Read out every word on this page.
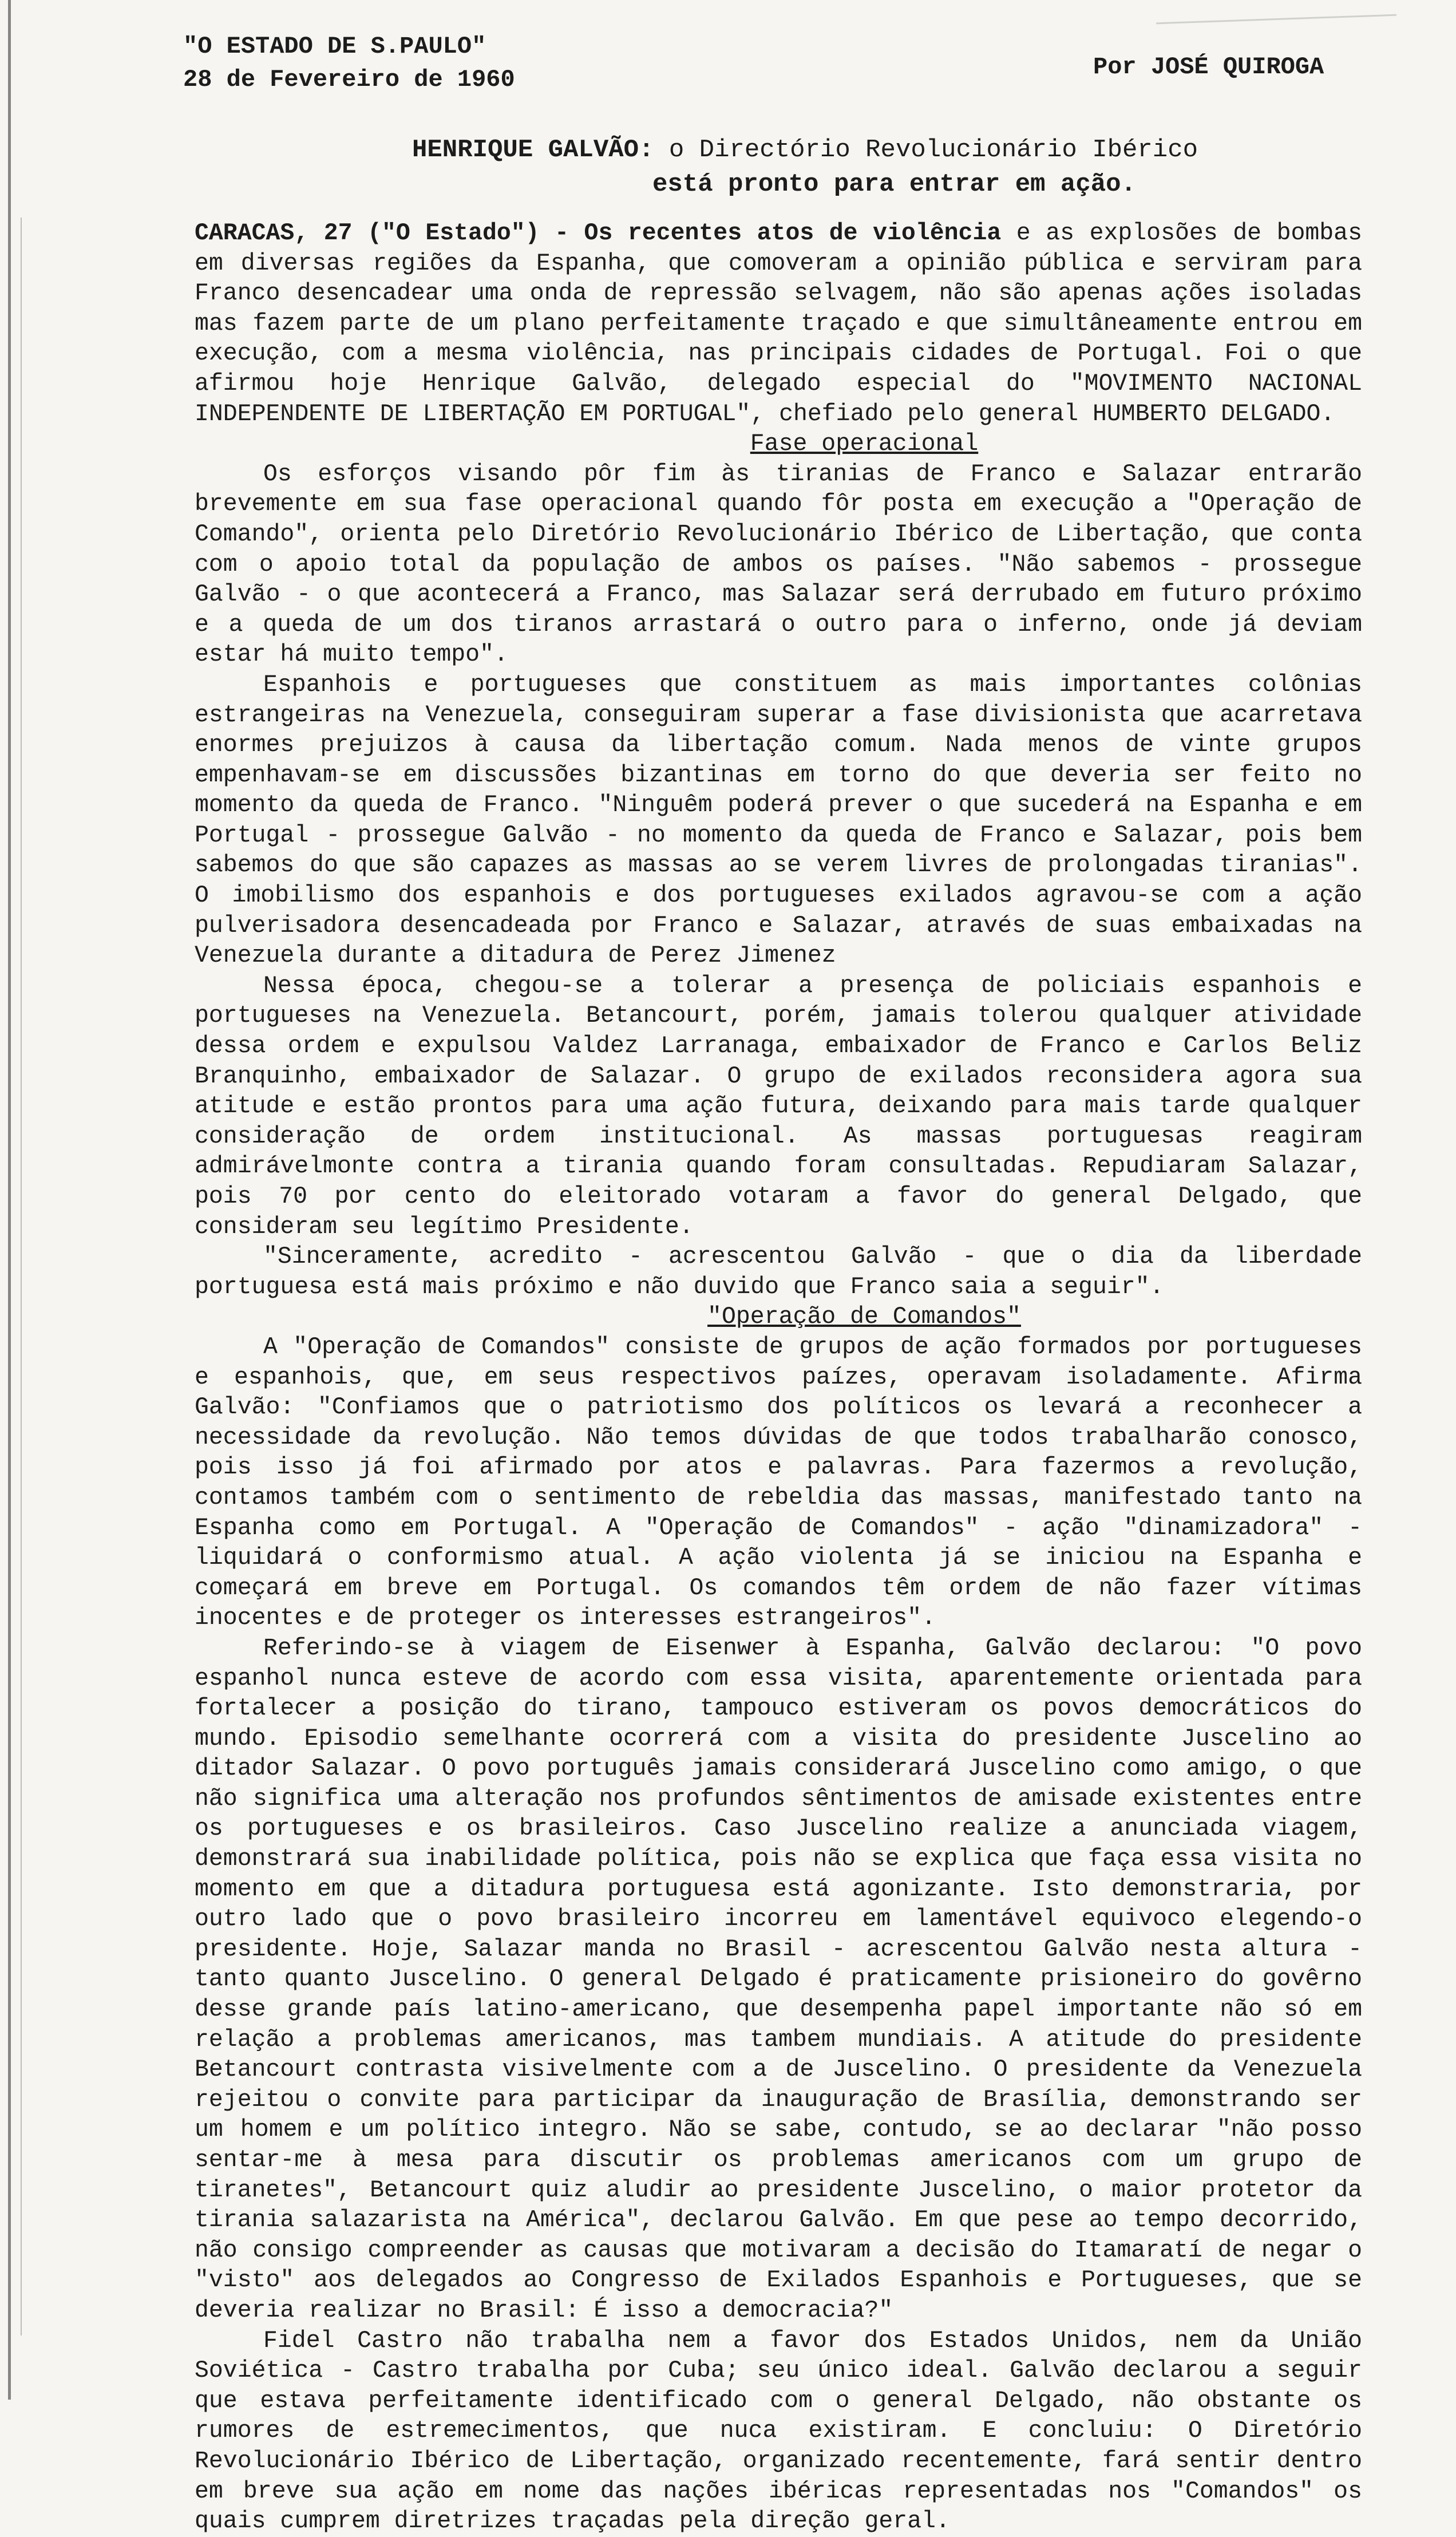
"O ESTADO DE S.PAULO"
28 de Fevereiro de 1960	Por JOSÉ QUIROGA
HENRIQUE GALVÃO: o Directório Revolucionário Ibérico
está pronto para entrar em ação.

CARACAS, 27 ("O Estado") - Os recentes atos de violência e as explosões de bombas em diversas regiões da Espanha, que comoveram a opinião pública e serviram para Franco desencadear uma onda de repressão selvagem, não são apenas ações isoladas mas fazem parte de um plano perfeitamente traçado e que simultâneamente entrou em execução, com a mesma violência, nas principais cidades de Portugal. Foi o que afirmou hoje Henrique Galvão, delegado especial do "MOVIMENTO NACIONAL INDEPENDENTE DE LIBERTAÇÃO EM PORTUGAL", chefiado pelo general HUMBERTO DELGADO.

Fase operacional

Os esforços visando pôr fim às tiranias de Franco e Salazar entrarão brevemente em sua fase operacional quando fôr posta em execução a "Operação de Comando", orienta pelo Diretório Revolucionário Ibérico de Libertação, que conta com o apoio total da população de ambos os países. "Não sabemos - prossegue Galvão - o que acontecerá a Franco, mas Salazar será derrubado em futuro próximo e a queda de um dos tiranos arrastará o outro para o inferno, onde já deviam estar há muito tempo".

Espanhois e portugueses que constituem as mais importantes colônias estrangeiras na Venezuela, conseguiram superar a fase divisionista que acarretava enormes prejuizos à causa da libertação comum. Nada menos de vinte grupos empenhavam-se em discussões bizantinas em torno do que deveria ser feito no momento da queda de Franco. "Ninguêm poderá prever o que sucederá na Espanha e em Portugal - prossegue Galvão - no momento da queda de Franco e Salazar, pois bem sabemos do que são capazes as massas ao se verem livres de prolongadas tiranias". O imobilismo dos espanhois e dos portugueses exilados agravou-se com a ação pulverisadora desencadeada por Franco e Salazar, através de suas embaixadas na Venezuela durante a ditadura de Perez Jimenez

Nessa época, chegou-se a tolerar a presença de policiais espanhois e portugueses na Venezuela. Betancourt, porém, jamais tolerou qualquer atividade dessa ordem e expulsou Valdez Larranaga, embaixador de Franco e Carlos Beliz Branquinho, embaixador de Salazar. O grupo de exilados reconsidera agora sua atitude e estão prontos para uma ação futura, deixando para mais tarde qualquer consideração de ordem institucional. As massas portuguesas reagiram admirávelmonte contra a tirania quando foram consultadas. Repudiaram Salazar, pois 70 por cento do eleitorado votaram a favor do general Delgado, que consideram seu legítimo Presidente.

"Sinceramente, acredito - acrescentou Galvão - que o dia da liberdade portuguesa está mais próximo e não duvido que Franco saia a seguir".

"Operação de Comandos"

A "Operação de Comandos" consiste de grupos de ação formados por portugueses e espanhois, que, em seus respectivos paízes, operavam isoladamente. Afirma Galvão: "Confiamos que o patriotismo dos políticos os levará a reconhecer a necessidade da revolução. Não temos dúvidas de que todos trabalharão conosco, pois isso já foi afirmado por atos e palavras. Para fazermos a revolução, contamos também com o sentimento de rebeldia das massas, manifestado tanto na Espanha como em Portugal. A "Operação de Comandos" - ação "dinamizadora" - liquidará o conformismo atual. A ação violenta já se iniciou na Espanha e começará em breve em Portugal. Os comandos têm ordem de não fazer vítimas inocentes e de proteger os interesses estrangeiros".

Referindo-se à viagem de Eisenwer à Espanha, Galvão declarou: "O povo espanhol nunca esteve de acordo com essa visita, aparentemente orientada para fortalecer a posição do tirano, tampouco estiveram os povos democráticos do mundo. Episodio semelhante ocorrerá com a visita do presidente Juscelino ao ditador Salazar. O povo português jamais considerará Juscelino como amigo, o que não significa uma alteração nos profundos sêntimentos de amisade existentes entre os portugueses e os brasileiros. Caso Juscelino realize a anunciada viagem, demonstrará sua inabilidade política, pois não se explica que faça essa visita no momento em que a ditadura portuguesa está agonizante. Isto demonstraria, por outro lado que o povo brasileiro incorreu em lamentável equivoco elegendo-o presidente. Hoje, Salazar manda no Brasil - acrescentou Galvão nesta altura - tanto quanto Juscelino. O general Delgado é praticamente prisioneiro do govêrno desse grande país latino-americano, que desempenha papel importante não só em relação a problemas americanos, mas tambem mundiais. A atitude do presidente Betancourt contrasta visivelmente com a de Juscelino. O presidente da Venezuela rejeitou o convite para participar da inauguração de Brasília, demonstrando ser um homem e um político integro. Não se sabe, contudo, se ao declarar "não posso sentar-me à mesa para discutir os problemas americanos com um grupo de tiranetes", Betancourt quiz aludir ao presidente Juscelino, o maior protetor da tirania salazarista na América", declarou Galvão. Em que pese ao tempo decorrido, não consigo compreender as causas que motivaram a decisão do Itamaratí de negar o "visto" aos delegados ao Congresso de Exilados Espanhois e Portugueses, que se deveria realizar no Brasil: É isso a democracia?"

Fidel Castro não trabalha nem a favor dos Estados Unidos, nem da União Soviética - Castro trabalha por Cuba; seu único ideal. Galvão declarou a seguir que estava perfeitamente identificado com o general Delgado, não obstante os rumores de estremecimentos, que nuca existiram. E concluiu: O Diretório Revolucionário Ibérico de Libertação, organizado recentemente, fará sentir dentro em breve sua ação em nome das nações ibéricas representadas nos "Comandos" os quais cumprem diretrizes traçadas pela direção geral.
